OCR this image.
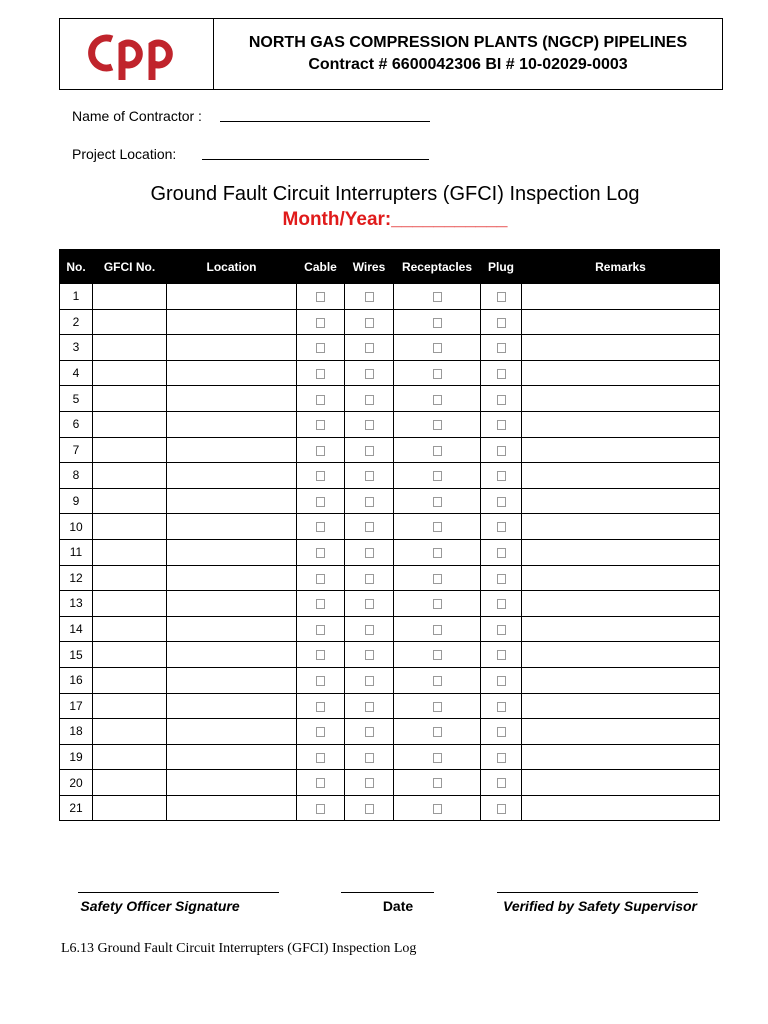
NORTH GAS COMPRESSION PLANTS (NGCP) PIPELINES
Contract # 6600042306 BI # 10-02029-0003
Name of Contractor :
Project Location:
Ground Fault Circuit Interrupters (GFCI) Inspection Log
Month/Year:___________
No.	GFCI No.	Location	Cable	Wires	Receptacles	Plug	Remarks
1							
2							
3							
4							
5							
6							
7							
8							
9							
10							
11							
12							
13							
14							
15							
16							
17							
18							
19							
20							
21							
Safety Officer Signature	Date	Verified by Safety Supervisor
L6.13 Ground Fault Circuit Interrupters (GFCI) Inspection Log
